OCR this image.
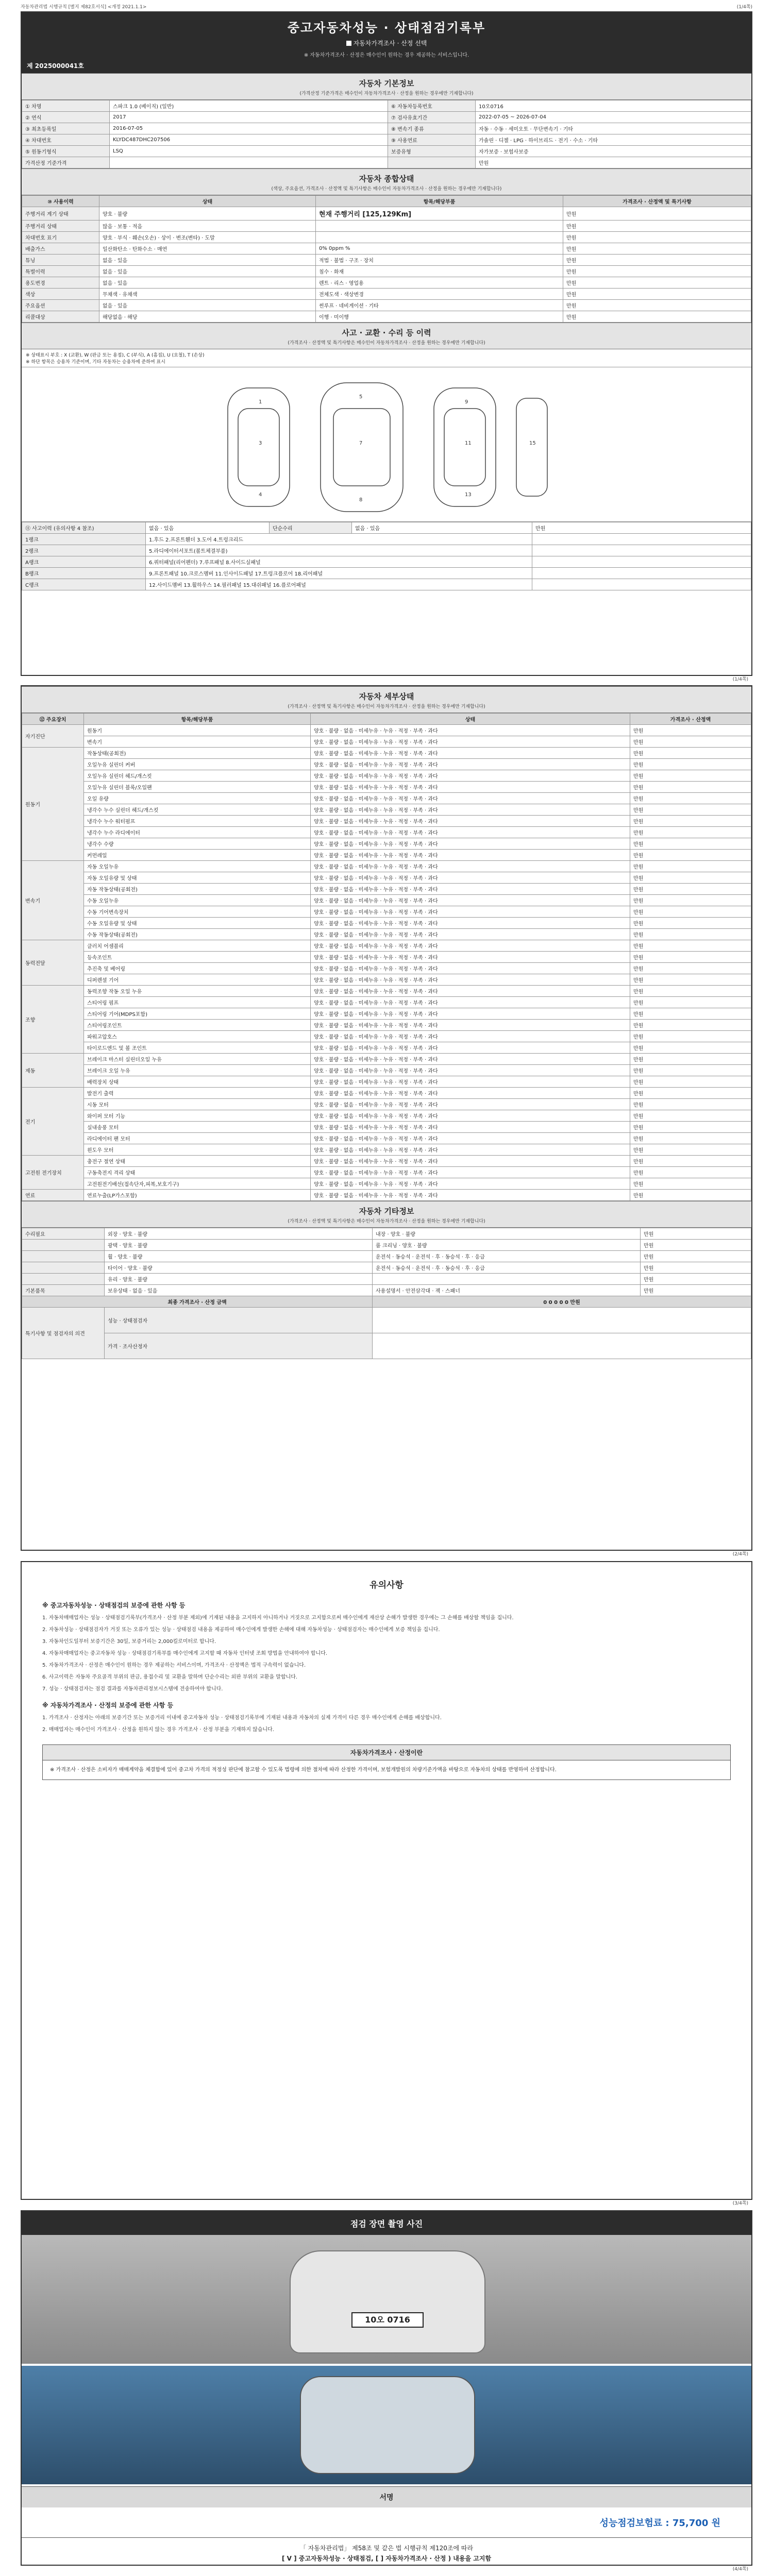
자동차관리법 시행규칙 [별지 제82호서식] <개정 2021.1.1>	(1/4쪽)
중고자동차성능 · 상태점검기록부
자동차가격조사 · 산정 선택
※ 자동차가격조사 · 산정은 매수인이 원하는 경우 제공하는 서비스입니다.
제 2025000041호
자동차 기본정보
(가격산정 기준가격은 매수인이 자동차가격조사 · 산정을 원하는 경우에만 기재합니다)
① 차명	스파크 1.0 (베이직) (일반)	⑥ 자동차등록번호	10오0716
② 연식	2017	⑦ 검사유효기간	2022-07-05 ~ 2026-07-04
③ 최초등록일	2016-07-05	⑧ 변속기 종류	자동 · 수동 · 세미오토 · 무단변속기 · 기타
④ 차대번호	KLYDC487DHC207506	⑨ 사용연료	가솔린 · 디젤 · LPG · 하이브리드 · 전기 · 수소 · 기타
⑤ 원동기형식	LSQ	보증유형	자가보증 · 보험사보증
가격산정 기준가격			만원
자동차 종합상태
(색상, 주요옵션, 가격조사 · 산정액 및 특기사항은 매수인이 자동차가격조사 · 산정을 원하는 경우에만 기재합니다)
⑩ 사용이력	상태	항목/해당부품	가격조사 · 산정액 및 특기사항
주행거리 계기 상태	양호 · 불량	현재 주행거리 [125,129Km]	만원
주행거리 상태	많음 · 보통 · 적음		만원
차대번호 표기	양호 · 부식 · 훼손(오손) · 상이 · 변조(변타) · 도말		만원
배출가스	일산화탄소 · 탄화수소 · 매연	0% 0ppm %	만원
튜닝	없음 · 있음	적법 · 불법 · 구조 · 장치	만원
특별이력	없음 · 있음	침수 · 화재	만원
용도변경	없음 · 있음	렌트 · 리스 · 영업용	만원
색상	무채색 · 유채색	전체도색 · 색상변경	만원
주요옵션	없음 · 있음	썬루프 · 네비게이션 · 기타	만원
리콜대상	해당없음 · 해당	이행 · 미이행	만원
사고 · 교환 · 수리 등 이력
(가격조사 · 산정액 및 특기사항은 매수인이 자동차가격조사 · 산정을 원하는 경우에만 기재합니다)
※ 상태표시 부호 : X (교환), W (판금 또는 용접), C (부식), A (흠집), U (요철), T (손상)
※ 하단 항목은 승용차 기준이며, 기타 자동차는 승용차에 준하여 표시
1
3
4
5
7
8
9
11
13
15
⑪ 사고이력 (유의사항 4 참조)	없음 · 있음	단순수리	없음 · 있음	만원
1랭크	1.후드 2.프론트휀더 3.도어 4.트렁크리드			
2랭크	5.라디에이터서포트(볼트체결부품)			
A랭크	6.쿼터패널(리어펜더) 7.루프패널 8.사이드실패널			
B랭크	9.프론트패널 10.크로스멤버 11.인사이드패널 17.트렁크플로어 18.리어패널			
C랭크	12.사이드멤버 13.휠하우스 14.필러패널 15.대쉬패널 16.플로어패널			
(1/4쪽)
자동차 세부상태
(가격조사 · 산정액 및 특기사항은 매수인이 자동차가격조사 · 산정을 원하는 경우에만 기재합니다)
⑫ 주요장치	항목/해당부품	상태	가격조사 · 산정액
자기진단	원동기	양호 · 불량 · 없음 · 미세누유 · 누유 · 적정 · 부족 · 과다	만원
	변속기	양호 · 불량 · 없음 · 미세누유 · 누유 · 적정 · 부족 · 과다	만원
원동기	작동상태(공회전)	양호 · 불량 · 없음 · 미세누유 · 누유 · 적정 · 부족 · 과다	만원
	오일누유 실린더 커버	양호 · 불량 · 없음 · 미세누유 · 누유 · 적정 · 부족 · 과다	만원
	오일누유 실린더 헤드/개스킷	양호 · 불량 · 없음 · 미세누유 · 누유 · 적정 · 부족 · 과다	만원
	오일누유 실린더 블록/오일팬	양호 · 불량 · 없음 · 미세누유 · 누유 · 적정 · 부족 · 과다	만원
	오일 유량	양호 · 불량 · 없음 · 미세누유 · 누유 · 적정 · 부족 · 과다	만원
	냉각수 누수 실린더 헤드/개스킷	양호 · 불량 · 없음 · 미세누유 · 누유 · 적정 · 부족 · 과다	만원
	냉각수 누수 워터펌프	양호 · 불량 · 없음 · 미세누유 · 누유 · 적정 · 부족 · 과다	만원
	냉각수 누수 라디에이터	양호 · 불량 · 없음 · 미세누유 · 누유 · 적정 · 부족 · 과다	만원
	냉각수 수량	양호 · 불량 · 없음 · 미세누유 · 누유 · 적정 · 부족 · 과다	만원
	커먼레일	양호 · 불량 · 없음 · 미세누유 · 누유 · 적정 · 부족 · 과다	만원
변속기	자동 오일누유	양호 · 불량 · 없음 · 미세누유 · 누유 · 적정 · 부족 · 과다	만원
	자동 오일유량 및 상태	양호 · 불량 · 없음 · 미세누유 · 누유 · 적정 · 부족 · 과다	만원
	자동 작동상태(공회전)	양호 · 불량 · 없음 · 미세누유 · 누유 · 적정 · 부족 · 과다	만원
	수동 오일누유	양호 · 불량 · 없음 · 미세누유 · 누유 · 적정 · 부족 · 과다	만원
	수동 기어변속장치	양호 · 불량 · 없음 · 미세누유 · 누유 · 적정 · 부족 · 과다	만원
	수동 오일유량 및 상태	양호 · 불량 · 없음 · 미세누유 · 누유 · 적정 · 부족 · 과다	만원
	수동 작동상태(공회전)	양호 · 불량 · 없음 · 미세누유 · 누유 · 적정 · 부족 · 과다	만원
동력전달	클러치 어셈블리	양호 · 불량 · 없음 · 미세누유 · 누유 · 적정 · 부족 · 과다	만원
	등속조인트	양호 · 불량 · 없음 · 미세누유 · 누유 · 적정 · 부족 · 과다	만원
	추진축 및 베어링	양호 · 불량 · 없음 · 미세누유 · 누유 · 적정 · 부족 · 과다	만원
	디퍼렌셜 기어	양호 · 불량 · 없음 · 미세누유 · 누유 · 적정 · 부족 · 과다	만원
조향	동력조향 작동 오일 누유	양호 · 불량 · 없음 · 미세누유 · 누유 · 적정 · 부족 · 과다	만원
	스티어링 펌프	양호 · 불량 · 없음 · 미세누유 · 누유 · 적정 · 부족 · 과다	만원
	스티어링 기어(MDPS포함)	양호 · 불량 · 없음 · 미세누유 · 누유 · 적정 · 부족 · 과다	만원
	스티어링조인트	양호 · 불량 · 없음 · 미세누유 · 누유 · 적정 · 부족 · 과다	만원
	파워고압호스	양호 · 불량 · 없음 · 미세누유 · 누유 · 적정 · 부족 · 과다	만원
	타이로드엔드 및 볼 조인트	양호 · 불량 · 없음 · 미세누유 · 누유 · 적정 · 부족 · 과다	만원
제동	브레이크 마스터 실린더오일 누유	양호 · 불량 · 없음 · 미세누유 · 누유 · 적정 · 부족 · 과다	만원
	브레이크 오일 누유	양호 · 불량 · 없음 · 미세누유 · 누유 · 적정 · 부족 · 과다	만원
	배력장치 상태	양호 · 불량 · 없음 · 미세누유 · 누유 · 적정 · 부족 · 과다	만원
전기	발전기 출력	양호 · 불량 · 없음 · 미세누유 · 누유 · 적정 · 부족 · 과다	만원
	시동 모터	양호 · 불량 · 없음 · 미세누유 · 누유 · 적정 · 부족 · 과다	만원
	와이퍼 모터 기능	양호 · 불량 · 없음 · 미세누유 · 누유 · 적정 · 부족 · 과다	만원
	실내송풍 모터	양호 · 불량 · 없음 · 미세누유 · 누유 · 적정 · 부족 · 과다	만원
	라디에이터 팬 모터	양호 · 불량 · 없음 · 미세누유 · 누유 · 적정 · 부족 · 과다	만원
	윈도우 모터	양호 · 불량 · 없음 · 미세누유 · 누유 · 적정 · 부족 · 과다	만원
고전원 전기장치	충전구 절연 상태	양호 · 불량 · 없음 · 미세누유 · 누유 · 적정 · 부족 · 과다	만원
	구동축전지 격리 상태	양호 · 불량 · 없음 · 미세누유 · 누유 · 적정 · 부족 · 과다	만원
	고전원전기배선(접속단자,피복,보호기구)	양호 · 불량 · 없음 · 미세누유 · 누유 · 적정 · 부족 · 과다	만원
연료	연료누출(LP가스포함)	양호 · 불량 · 없음 · 미세누유 · 누유 · 적정 · 부족 · 과다	만원
자동차 기타정보
(가격조사 · 산정액 및 특기사항은 매수인이 자동차가격조사 · 산정을 원하는 경우에만 기재합니다)
수리필요	외장 · 양호 · 불량	내장 · 양호 · 불량	만원
	광택 · 양호 · 불량	룸 크리닝 · 양호 · 불량	만원
	휠 · 양호 · 불량	운전석 · 동승석 · 운전석 · 후 · 동승석 · 후 · 응급	만원
	타이어 · 양호 · 불량	운전석 · 동승석 · 운전석 · 후 · 동승석 · 후 · 응급	만원
	유리 · 양호 · 불량		만원
기본품목	보유상태 · 없음 · 있음	사용설명서 · 안전삼각대 · 잭 · 스패너	만원
최종 가격조사 · 산정 금액		0 0 0 0 0 만원	
특기사항 및 점검자의 의견	성능 · 상태점검자		
	가격 · 조사산정자		
(2/4쪽)
유의사항
※ 중고자동차성능 · 상태점검의 보증에 관한 사항 등

1. 자동차매매업자는 성능 · 상태점검기록부(가격조사 · 산정 부분 제외)에 기재된 내용을 고지하지 아니하거나 거짓으로 고지함으로써 매수인에게 재산상 손해가 발생한 경우에는 그 손해를 배상할 책임을 집니다.

2. 자동차성능 · 상태점검자가 거짓 또는 오류가 있는 성능 · 상태점검 내용을 제공하여 매수인에게 발생한 손해에 대해 자동차성능 · 상태점검자는 매수인에게 보증 책임을 집니다.

3. 자동차인도일부터 보증기간은 30일, 보증거리는 2,000킬로미터로 합니다.

4. 자동차매매업자는 중고자동차 성능 · 상태점검기록부를 매수인에게 고지할 때 자동차 인터넷 조회 방법을 안내하여야 합니다.

5. 자동차가격조사 · 산정은 매수인이 원하는 경우 제공하는 서비스이며, 가격조사 · 산정액은 법적 구속력이 없습니다.

6. 사고이력은 자동차 주요골격 부위의 판금, 용접수리 및 교환을 말하며 단순수리는 외판 부위의 교환을 말합니다.

7. 성능 · 상태점검자는 점검 결과를 자동차관리정보시스템에 전송하여야 합니다.

※ 자동차가격조사 · 산정의 보증에 관한 사항 등

1. 가격조사 · 산정자는 아래의 보증기간 또는 보증거리 이내에 중고자동차 성능 · 상태점검기록부에 기재된 내용과 자동차의 실제 가격이 다른 경우 매수인에게 손해를 배상합니다.

2. 매매업자는 매수인이 가격조사 · 산정을 원하지 않는 경우 가격조사 · 산정 부분을 기재하지 않습니다.

자동차가격조사 · 산정이란
※ 가격조사 · 산정은 소비자가 매매계약을 체결함에 있어 중고차 가격의 적정성 판단에 참고할 수 있도록 법령에 의한 절차에 따라 산정한 가격이며, 보험개발원의 차량기준가액을 바탕으로 자동차의 상태를 반영하여 산정합니다.
(3/4쪽)
점검 장면 촬영 사진
10오 0716
서명
성능점검보험료 : 75,700 원
「 자동차관리법」 제58조 및 같은 법 시행규칙 제120조에 따라
[ V ] 중고자동차성능 · 상태점검, [ ] 자동차가격조사 · 산정 ) 내용을 고지함
(4/4쪽)
